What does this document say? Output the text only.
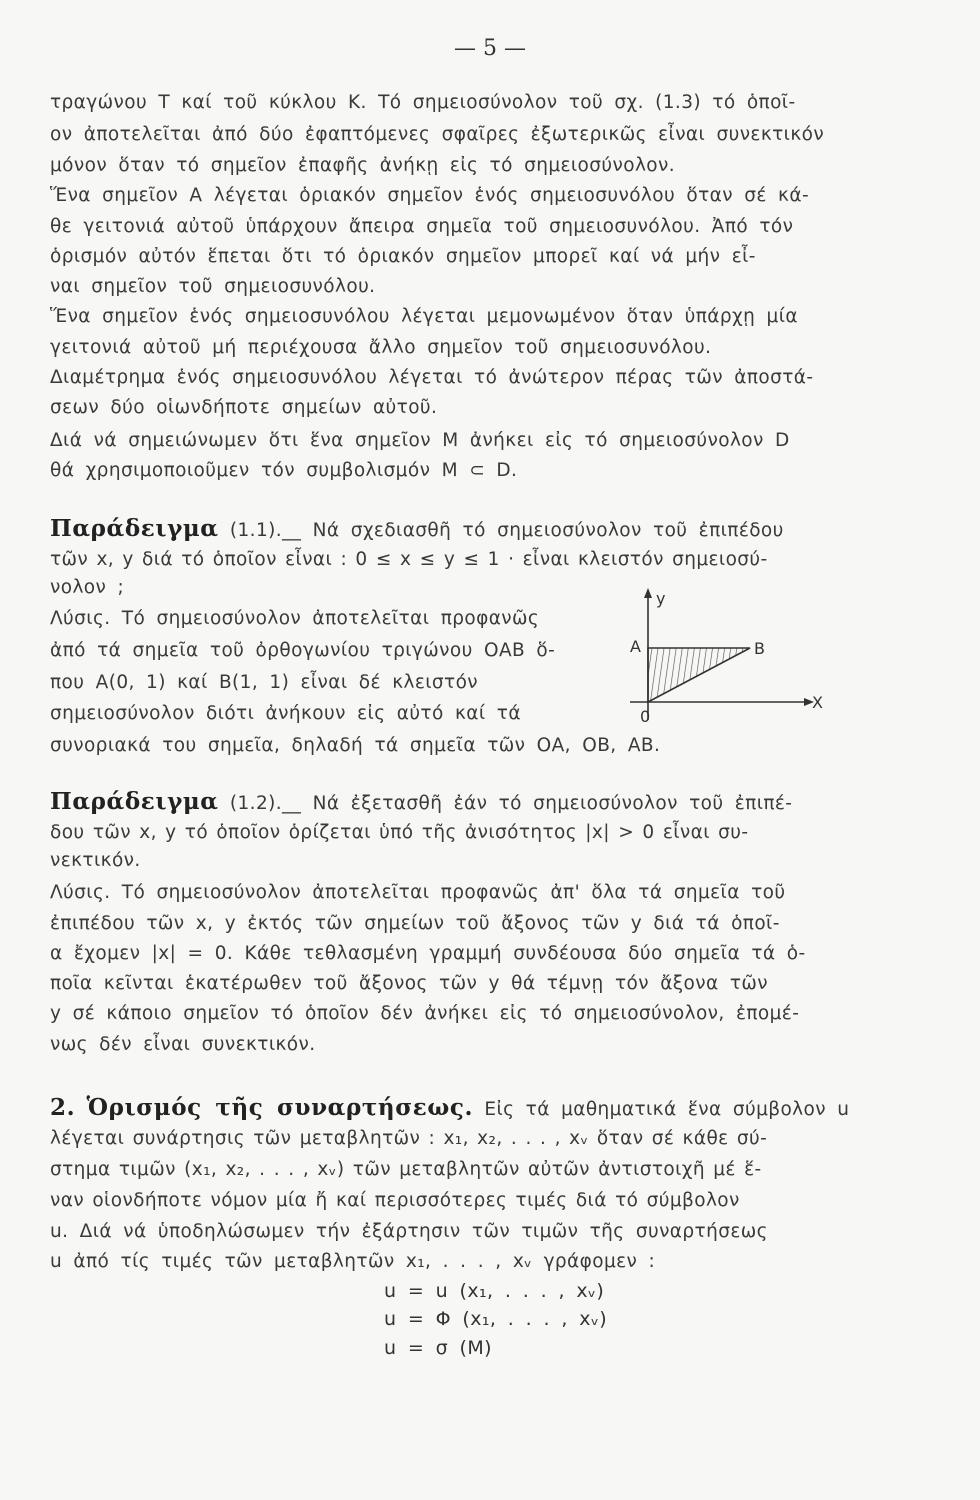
— 5 —
τραγώνου Τ καί τοῦ κύκλου Κ. Τό σημειοσύνολον τοῦ σχ. (1.3) τό ὁποῖ-
ον ἀποτελεῖται ἀπό δύο ἐφαπτόμενες σφαῖρες ἐξωτερικῶς εἶναι συνεκτικόν
μόνον ὅταν τό σημεῖον ἐπαφῆς ἀνήκῃ εἰς τό σημειοσύνολον.
Ἕνα σημεῖον Α λέγεται ὁριακόν σημεῖον ἑνός σημειοσυνόλου ὅταν σέ κά-
θε γειτονιά αὐτοῦ ὑπάρχουν ἄπειρα σημεῖα τοῦ σημειοσυνόλου. Ἀπό τόν
ὁρισμόν αὐτόν ἕπεται ὅτι τό ὁριακόν σημεῖον μπορεῖ καί νά μήν εἶ-
ναι σημεῖον τοῦ σημειοσυνόλου.
Ἕνα σημεῖον ἑνός σημειοσυνόλου λέγεται μεμονωμένον ὅταν ὑπάρχῃ μία
γειτονιά αὐτοῦ μή περιέχουσα ἄλλο σημεῖον τοῦ σημειοσυνόλου.
Διαμέτρημα ἑνός σημειοσυνόλου λέγεται τό ἀνώτερον πέρας τῶν ἀποστά-
σεων δύο οἱωνδήποτε σημείων αὐτοῦ.
Διά νά σημειώνωμεν ὅτι ἕνα σημεῖον Μ ἀνήκει εἰς τό σημειοσύνολον D
θά χρησιμοποιοῦμεν τόν συμβολισμόν Μ ⊂ D.
Παράδειγμα (1.1).__ Νά σχεδιασθῆ τό σημειοσύνολον τοῦ ἐπιπέδου
τῶν x, y διά τό ὁποῖον εἶναι : 0 ≤ x ≤ y ≤ 1 · εἶναι κλειστόν σημειοσύ-
νολον ;
Λύσις. Τό σημειοσύνολον ἀποτελεῖται προφανῶς
ἀπό τά σημεῖα τοῦ ὀρθογωνίου τριγώνου ΟΑΒ ὅ-
που Α(0, 1) καί Β(1, 1) εἶναι δέ κλειστόν
σημειοσύνολον διότι ἀνήκουν εἰς αὐτό καί τά
συνοριακά του σημεῖα, δηλαδή τά σημεῖα τῶν ΟΑ, ΟΒ, ΑΒ.
y
X
A	B
0
Παράδειγμα (1.2).__ Νά ἐξετασθῆ ἐάν τό σημειοσύνολον τοῦ ἐπιπέ-
δου τῶν x, y τό ὁποῖον ὁρίζεται ὑπό τῆς ἀνισότητος |x| > 0 εἶναι συ-
νεκτικόν.
Λύσις. Τό σημειοσύνολον ἀποτελεῖται προφανῶς ἀπ' ὅλα τά σημεῖα τοῦ
ἐπιπέδου τῶν x, y ἐκτός τῶν σημείων τοῦ ἄξονος τῶν y διά τά ὁποῖ-
α ἔχομεν |x| = 0. Κάθε τεθλασμένη γραμμή συνδέουσα δύο σημεῖα τά ὁ-
ποῖα κεῖνται ἑκατέρωθεν τοῦ ἄξονος τῶν y θά τέμνῃ τόν ἄξονα τῶν
y σέ κάποιο σημεῖον τό ὁποῖον δέν ἀνήκει εἰς τό σημειοσύνολον, ἐπομέ-
νως δέν εἶναι συνεκτικόν.
2. Ὁρισμός τῆς συναρτήσεως. Εἰς τά μαθηματικά ἕνα σύμβολον u
λέγεται συνάρτησις τῶν μεταβλητῶν : x₁, x₂, . . . , xᵥ ὅταν σέ κάθε σύ-
στημα τιμῶν (x₁, x₂, . . . , xᵥ) τῶν μεταβλητῶν αὐτῶν ἀντιστοιχῆ μέ ἕ-
ναν οἱονδήποτε νόμον μία ἤ καί περισσότερες τιμές διά τό σύμβολον
u. Διά νά ὑποδηλώσωμεν τήν ἐξάρτησιν τῶν τιμῶν τῆς συναρτήσεως
u ἀπό τίς τιμές τῶν μεταβλητῶν x₁, . . . , xᵥ γράφομεν :
u = u (x₁, . . . , xᵥ)
u = Φ (x₁, . . . , xᵥ)
u = σ (M)
